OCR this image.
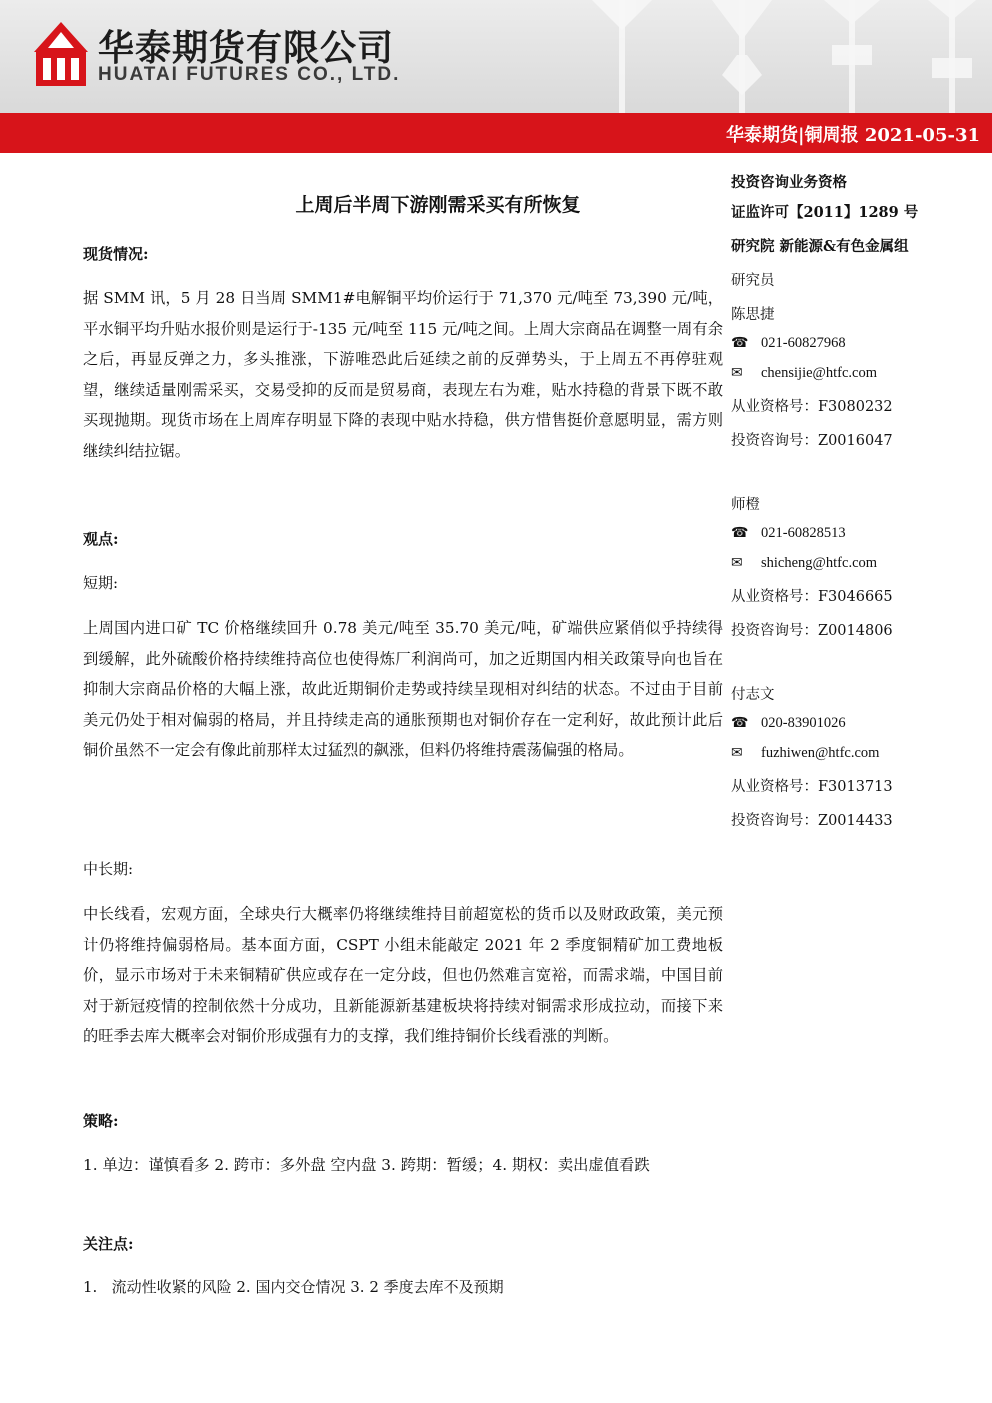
华泰期货有限公司
HUATAI FUTURES CO., LTD.
华泰期货|铜周报 2021-05-31
上周后半周下游刚需采买有所恢复
现货情况:

据 SMM 讯，5 月 28 日当周 SMM1#电解铜平均价运行于 71,370 元/吨至 73,390 元/吨，平水铜平均升贴水报价则是运行于-135 元/吨至 115 元/吨之间。上周大宗商品在调整一周有余之后，再显反弹之力，多头推涨，下游唯恐此后延续之前的反弹势头，于上周五不再停驻观望，继续适量刚需采买，交易受抑的反而是贸易商，表现左右为难，贴水持稳的背景下既不敢买现抛期。现货市场在上周库存明显下降的表现中贴水持稳，供方惜售挺价意愿明显，需方则继续纠结拉锯。

观点:
短期:

上周国内进口矿 TC 价格继续回升 0.78 美元/吨至 35.70 美元/吨，矿端供应紧俏似乎持续得到缓解，此外硫酸价格持续维持高位也使得炼厂利润尚可，加之近期国内相关政策导向也旨在抑制大宗商品价格的大幅上涨，故此近期铜价走势或持续呈现相对纠结的状态。不过由于目前美元仍处于相对偏弱的格局，并且持续走高的通胀预期也对铜价存在一定利好，故此预计此后铜价虽然不一定会有像此前那样太过猛烈的飙涨，但料仍将维持震荡偏强的格局。

中长期:

中长线看，宏观方面，全球央行大概率仍将继续维持目前超宽松的货币以及财政政策，美元预计仍将维持偏弱格局。基本面方面，CSPT 小组未能敲定 2021 年 2 季度铜精矿加工费地板价，显示市场对于未来铜精矿供应或存在一定分歧，但也仍然难言宽裕，而需求端，中国目前对于新冠疫情的控制依然十分成功，且新能源新基建板块将持续对铜需求形成拉动，而接下来的旺季去库大概率会对铜价形成强有力的支撑，我们维持铜价长线看涨的判断。

策略:

1. 单边：谨慎看多 2. 跨市：多外盘 空内盘 3. 跨期：暂缓；4. 期权：卖出虚值看跌

关注点:
1.   流动性收紧的风险 2. 国内交仓情况 3. 2 季度去库不及预期
投资咨询业务资格
证监许可【2011】1289 号
研究院 新能源&有色金属组
研究员
陈思捷
☎ 021-60827968
✉ chensijie@htfc.com
从业资格号：F3080232
投资咨询号：Z0016047
师橙
☎ 021-60828513
✉ shicheng@htfc.com
从业资格号：F3046665
投资咨询号：Z0014806
付志文
☎ 020-83901026
✉ fuzhiwen@htfc.com
从业资格号：F3013713
投资咨询号：Z0014433
